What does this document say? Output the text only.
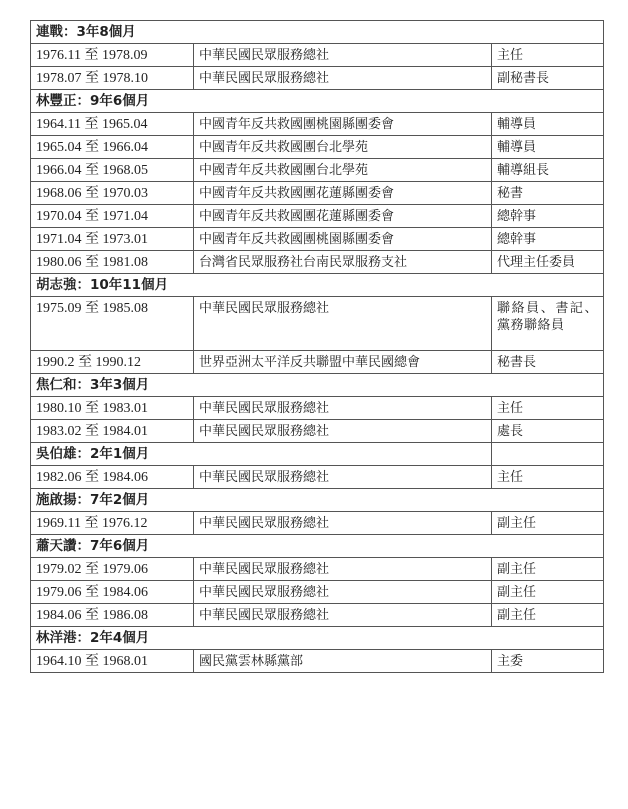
連戰：3年8個月		
1976.11 至 1978.09	中華民國民眾服務總社	主任
1978.07 至 1978.10	中華民國民眾服務總社	副秘書長
林豐正：9年6個月		
1964.11 至 1965.04	中國青年反共救國團桃園縣團委會	輔導員
1965.04 至 1966.04	中國青年反共救國團台北學苑	輔導員
1966.04 至 1968.05	中國青年反共救國團台北學苑	輔導組長
1968.06 至 1970.03	中國青年反共救國團花蓮縣團委會	秘書
1970.04 至 1971.04	中國青年反共救國團花蓮縣團委會	總幹事
1971.04 至 1973.01	中國青年反共救國團桃園縣團委會	總幹事
1980.06 至 1981.08	台灣省民眾服務社台南民眾服務支社	代理主任委員
胡志強：10年11個月		
1975.09 至 1985.08	中華民國民眾服務總社	聯絡員、書記、黨務聯絡員
1990.2 至 1990.12	世界亞洲太平洋反共聯盟中華民國總會	秘書長
焦仁和：3年3個月		
1980.10 至 1983.01	中華民國民眾服務總社	主任
1983.02 至 1984.01	中華民國民眾服務總社	處長
吳伯雄：2年1個月		
1982.06 至 1984.06	中華民國民眾服務總社	主任
施啟揚：7年2個月		
1969.11 至 1976.12	中華民國民眾服務總社	副主任
蕭天讚：7年6個月		
1979.02 至 1979.06	中華民國民眾服務總社	副主任
1979.06 至 1984.06	中華民國民眾服務總社	副主任
1984.06 至 1986.08	中華民國民眾服務總社	副主任
林洋港：2年4個月		
1964.10 至 1968.01	國民黨雲林縣黨部	主委
